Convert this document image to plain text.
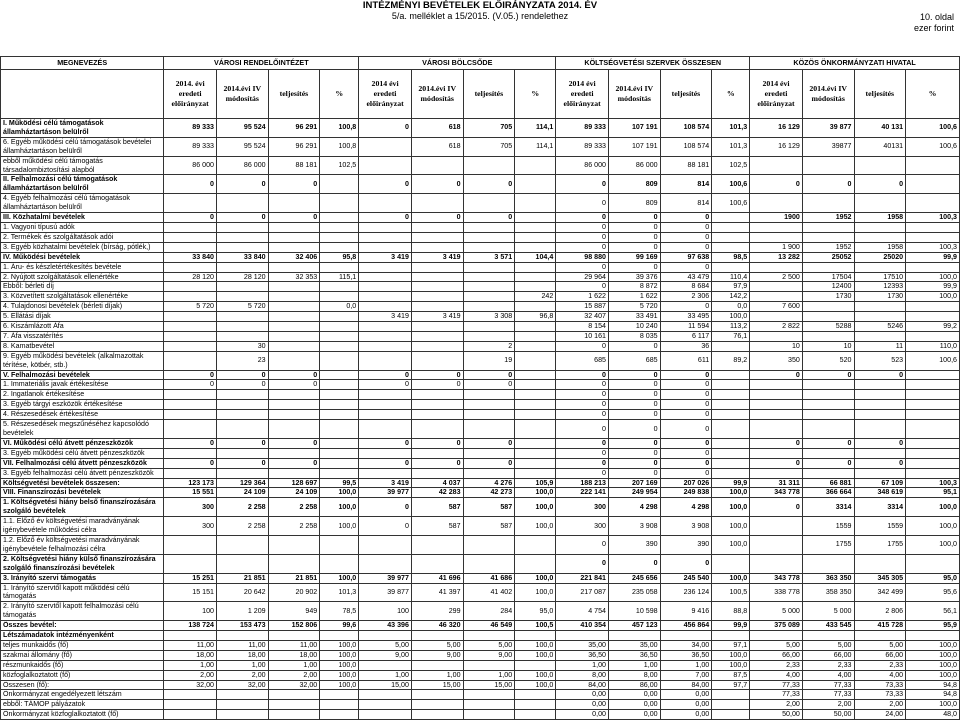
INTÉZMÉNYI BEVÉTELEK ELŐIRÁNYZATA 2014. ÉV
5/a. melléklet a 15/2015. (V.05.) rendelethez	10. oldal
ezer forint
MEGNEVEZÉS	VÁROSI RENDELŐINTÉZET				VÁROSI BÖLCSŐDE				KÖLTSÉGVETÉSI SZERVEK ÖSSZESEN				KÖZÖS ÖNKORMÁNYZATI HIVATAL			
	2014. évi eredeti előirányzat	2014.évi IV módosítás	teljesítés	%	2014 évi eredeti előirányzat	2014.évi IV módosítás	teljesítés	%	2014 évi eredeti előirányzat	2014.évi IV módosítás	teljesítés	%	2014 évi eredeti előirányzat	2014.évi IV módosítás	teljesítés	%
I. Működési célú támogatások államháztartáson belülről	89 333	95 524	96 291	100,8	0	618	705	114,1	89 333	107 191	108 574	101,3	16 129	39 877	40 131	100,6
6. Egyéb működési célú támogatások bevételei államháztartáson belülről	89 333	95 524	96 291	100,8		618	705	114,1	89 333	107 191	108 574	101,3	16 129	39877	40131	100,6
ebből működési célú támogatás társadalombiztosítási alapból	86 000	86 000	88 181	102,5					86 000	86 000	88 181	102,5				
II. Felhalmozási célú támogatások államháztartáson belülről	0	0	0		0	0	0		0	809	814	100,6	0	0	0	
4. Egyéb felhalmozási célú támogatások államháztartáson belülről									0	809	814	100,6				
III. Közhatalmi bevételek	0	0	0		0	0	0		0	0	0		1900	1952	1958	100,3
1. Vagyoni típusú adók									0	0	0					
2. Termékek és szolgáltatások adói									0	0	0					
3. Egyéb közhatalmi bevételek (bírság, pótlék,)									0	0	0		1 900	1952	1958	100,3
IV. Működési bevételek	33 840	33 840	32 406	95,8	3 419	3 419	3 571	104,4	98 880	99 169	97 638	98,5	13 282	25052	25020	99,9
1. Áru- és készletértékesítés bevétele									0	0	0					
2. Nyújtott szolgáltatások ellenértéke	28 120	28 120	32 353	115,1					29 964	39 376	43 479	110,4	2 500	17504	17510	100,0
Ebből: bérleti díj									0	8 872	8 684	97,9		12400	12393	99,9
3. Közvetített szolgáltatások ellenértéke								242	1 622	1 622	2 306	142,2		1730	1730	100,0
4. Tulajdonosi bevételek (bérleti díjak)	5 720	5 720		0,0					15 887	5 720	0	0,0	7 600			
5. Ellátási díjak					3 419	3 419	3 308	96,8	32 407	33 491	33 495	100,0				
6. Kiszámlázott Áfa									8 154	10 240	11 594	113,2	2 822	5288	5246	99,2
7. Áfa visszatérítés									10 161	8 035	6 117	76,1				
8. Kamatbevétel		30					2		0	0	36		10	10	11	110,0
9. Egyéb működési bevételek (alkalmazottak térítése, kötbér, stb.)		23					19		685	685	611	89,2	350	520	523	100,6
V. Felhalmozási bevételek	0	0	0		0	0	0		0	0	0		0	0	0	
1. Immateriális javak értékesítése	0	0	0		0	0	0		0	0	0					
2. Ingatlanok értékesítése									0	0	0					
3. Egyéb tárgyi eszközök értékesítése									0	0	0					
4. Részesedések értékesítése									0	0	0					
5. Részesedések megszűnéséhez kapcsolódó bevételek									0	0	0					
VI. Működési célú átvett pénzeszközök	0	0	0		0	0	0		0	0	0		0	0	0	
3. Egyéb működési célú átvett pénzeszközök									0	0	0					
VII. Felhalmozási célú átvett pénzeszközök	0	0	0		0	0	0		0	0	0		0	0	0	
3. Egyéb felhalmozási célú átvett pénzeszközök									0	0	0					
Költségvetési bevételek összesen:	123 173	129 364	128 697	99,5	3 419	4 037	4 276	105,9	188 213	207 169	207 026	99,9	31 311	66 881	67 109	100,3
VIII. Finanszírozási bevételek	15 551	24 109	24 109	100,0	39 977	42 283	42 273	100,0	222 141	249 954	249 838	100,0	343 778	366 664	348 619	95,1
1. Költségvetési hiány belső finanszírozására szolgáló bevételek	300	2 258	2 258	100,0	0	587	587	100,0	300	4 298	4 298	100,0	0	3314	3314	100,0
1.1. Előző év költségvetési maradványának igénybevétele működési célra	300	2 258	2 258	100,0	0	587	587	100,0	300	3 908	3 908	100,0		1559	1559	100,0
1.2. Előző év költségvetési maradványának igénybevétele felhalmozási célra									0	390	390	100,0		1755	1755	100,0
2. Költségvetési hiány külső finanszírozására szolgáló finanszírozási bevételek									0	0	0					
3. Irányító szervi támogatás	15 251	21 851	21 851	100,0	39 977	41 696	41 686	100,0	221 841	245 656	245 540	100,0	343 778	363 350	345 305	95,0
1. Irányító szervtől kapott működési célú támogatás	15 151	20 642	20 902	101,3	39 877	41 397	41 402	100,0	217 087	235 058	236 124	100,5	338 778	358 350	342 499	95,6
2. Irányító szervtől kapott felhalmozási célú támogatás	100	1 209	949	78,5	100	299	284	95,0	4 754	10 598	9 416	88,8	5 000	5 000	2 806	56,1
Összes bevétel:	138 724	153 473	152 806	99,6	43 396	46 320	46 549	100,5	410 354	457 123	456 864	99,9	375 089	433 545	415 728	95,9
Létszámadatok intézményenként																
teljes munkaidős (fő)	11,00	11,00	11,00	100,0	5,00	5,00	5,00	100,0	35,00	35,00	34,00	97,1	5,00	5,00	5,00	100,0
szakmai állomány (fő)	18,00	18,00	18,00	100,0	9,00	9,00	9,00	100,0	36,50	36,50	36,50	100,0	66,00	66,00	66,00	100,0
részmunkaidős (fő)	1,00	1,00	1,00	100,0					1,00	1,00	1,00	100,0	2,33	2,33	2,33	100,0
közfoglalkoztatott (fő)	2,00	2,00	2,00	100,0	1,00	1,00	1,00	100,0	8,00	8,00	7,00	87,5	4,00	4,00	4,00	100,0
Összesen (fő):	32,00	32,00	32,00	100,0	15,00	15,00	15,00	100,0	84,00	86,00	84,00	97,7	77,33	77,33	73,33	94,8
Önkormányzat engedélyezett létszám									0,00	0,00	0,00		77,33	77,33	73,33	94,8
ebből: TÁMOP pályázatok									0,00	0,00	0,00		2,00	2,00	2,00	100,0
Önkormányzat közfoglalkoztatott (fő)									0,00	0,00	0,00		50,00	50,00	24,00	48,0
